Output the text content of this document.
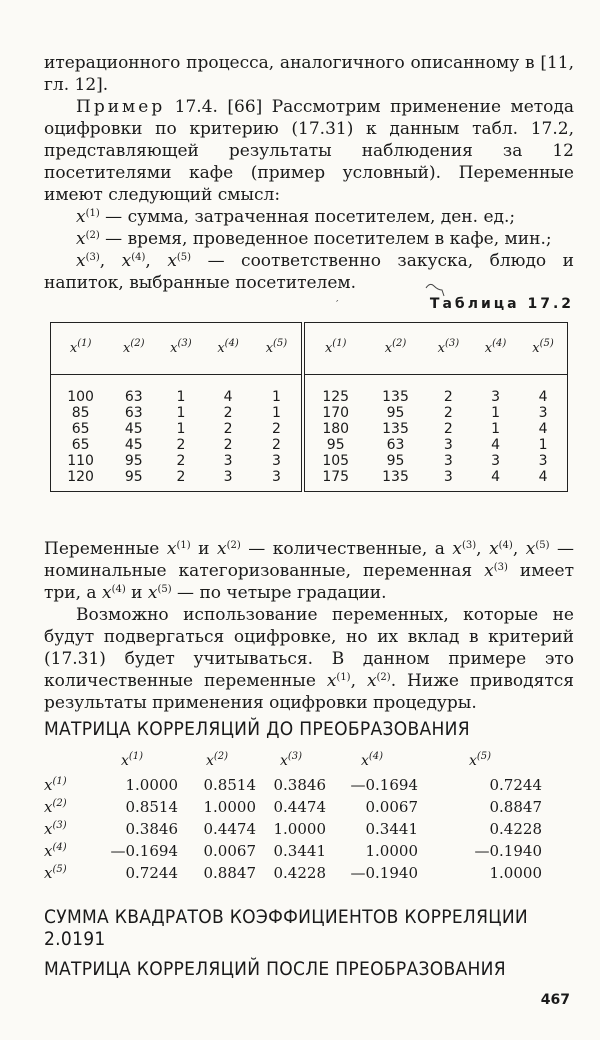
итерационного процесса, аналогичного описанному в [11, гл. 12].

Пример 17.4. [66] Рассмотрим применение метода оцифровки по критерию (17.31) к данным табл. 17.2, представляющей результаты наблюдения за 12 посетителями кафе (пример условный). Переменные имеют следующий смысл:

$x^{(1)}$ — сумма, затраченная посетителем, ден. ед.;

$x^{(2)}$ — время, проведенное посетителем в кафе, мин.;

$x^{(3)}$, $x^{(4)}$, $x^{(5)}$ — соответственно закуска, блюдо и напиток, выбранные посетителем.

′	Таблица 17.2
$x^{(1)}$	$x^{(2)}$	$x^{(3)}$	$x^{(4)}$	$x^{(5)}$	$x^{(1)}$	$x^{(2)}$	$x^{(3)}$	$x^{(4)}$	$x^{(5)}$
100	63	1	4	1	125	135	2	3	4
85	63	1	2	1	170	95	2	1	3
65	45	1	2	2	180	135	2	1	4
65	45	2	2	2	95	63	3	4	1
110	95	2	3	3	105	95	3	3	3
120	95	2	3	3	175	135	3	4	4

Переменные $x^{(1)}$ и $x^{(2)}$ — количественные, а $x^{(3)}$, $x^{(4)}$, $x^{(5)}$ — номинальные категоризованные, переменная $x^{(3)}$ имеет три, а $x^{(4)}$ и $x^{(5)}$ — по четыре градации.

Возможно использование переменных, которые не будут подвергаться оцифровке, но их вклад в критерий (17.31) будет учитываться. В данном примере это количественные переменные $x^{(1)}$, $x^{(2)}$. Ниже приводятся результаты применения оцифровки процедуры.

МАТРИЦА КОРРЕЛЯЦИЙ ДО ПРЕОБРАЗОВАНИЯ
	$x^{(1)}$	$x^{(2)}$	$x^{(3)}$	$x^{(4)}$	$x^{(5)}$
$x^{(1)}$	1.0000	0.8514	0.3846	—0.1694	0.7244
$x^{(2)}$	0.8514	1.0000	0.4474	0.0067	0.8847
$x^{(3)}$	0.3846	0.4474	1.0000	0.3441	0.4228
$x^{(4)}$	—0.1694	0.0067	0.3441	1.0000	—0.1940
$x^{(5)}$	0.7244	0.8847	0.4228	—0.1940	1.0000
СУММА КВАДРАТОВ КОЭФФИЦИЕНТОВ КОРРЕЛЯЦИИ 2.0191
МАТРИЦА КОРРЕЛЯЦИЙ ПОСЛЕ ПРЕОБРАЗОВАНИЯ
467
